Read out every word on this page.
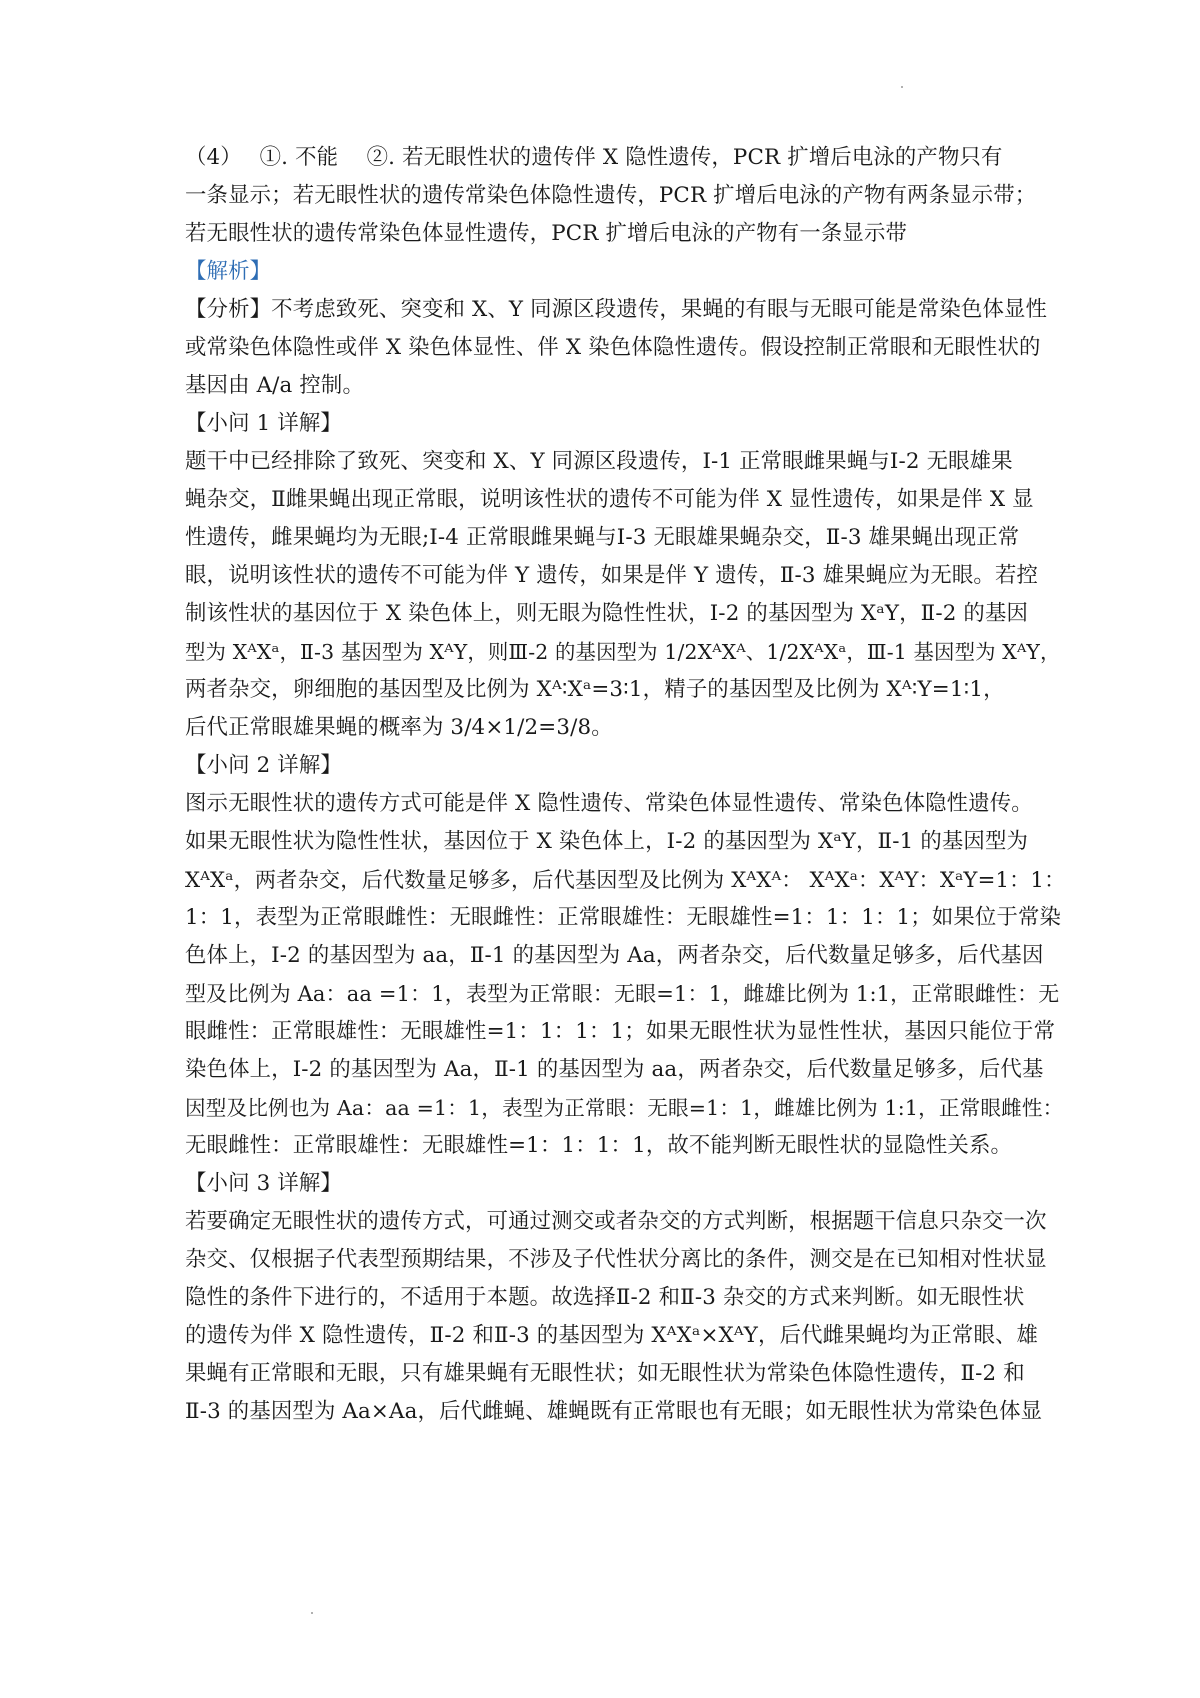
（4）　 ①. 不能　 ②. 若无眼性状的遗传伴 X 隐性遗传，PCR 扩增后电泳的产物只有
一条显示；若无眼性状的遗传常染色体隐性遗传，PCR 扩增后电泳的产物有两条显示带；
若无眼性状的遗传常染色体显性遗传，PCR 扩增后电泳的产物有一条显示带
【解析】
【分析】不考虑致死、突变和 X、Y 同源区段遗传，果蝇的有眼与无眼可能是常染色体显性
或常染色体隐性或伴 X 染色体显性、伴 X 染色体隐性遗传。假设控制正常眼和无眼性状的
基因由 A/a 控制。
【小问 1 详解】
题干中已经排除了致死、突变和 X、Y 同源区段遗传，Ⅰ-1 正常眼雌果蝇与Ⅰ-2 无眼雄果
蝇杂交，Ⅱ雌果蝇出现正常眼，说明该性状的遗传不可能为伴 X 显性遗传，如果是伴 X 显
性遗传，雌果蝇均为无眼;Ⅰ-4 正常眼雌果蝇与Ⅰ-3 无眼雄果蝇杂交，Ⅱ-3 雄果蝇出现正常
眼，说明该性状的遗传不可能为伴 Y 遗传，如果是伴 Y 遗传，Ⅱ-3 雄果蝇应为无眼。若控
制该性状的基因位于 X 染色体上，则无眼为隐性性状，Ⅰ-2 的基因型为 XᵃY，Ⅱ-2 的基因
型为 XᴬXᵃ，Ⅱ-3 基因型为 XᴬY，则Ⅲ-2 的基因型为 1/2XᴬXᴬ、1/2XᴬXᵃ，Ⅲ-1 基因型为 XᴬY，
两者杂交，卵细胞的基因型及比例为 Xᴬ∶Xᵃ=3∶1，精子的基因型及比例为 Xᴬ∶Y=1∶1，
后代正常眼雄果蝇的概率为 3/4×1/2=3/8。
【小问 2 详解】
图示无眼性状的遗传方式可能是伴 X 隐性遗传、常染色体显性遗传、常染色体隐性遗传。
如果无眼性状为隐性性状，基因位于 X 染色体上，Ⅰ-2 的基因型为 XᵃY，Ⅱ-1 的基因型为
XᴬXᵃ，两者杂交，后代数量足够多，后代基因型及比例为 XᴬXᴬ： XᴬXᵃ：XᴬY：XᵃY=1：1：
1：1，表型为正常眼雌性：无眼雌性：正常眼雄性：无眼雄性=1：1：1：1；如果位于常染
色体上，Ⅰ-2 的基因型为 aa，Ⅱ-1 的基因型为 Aa，两者杂交，后代数量足够多，后代基因
型及比例为 Aa：aa =1：1，表型为正常眼：无眼=1：1，雌雄比例为 1:1，正常眼雌性：无
眼雌性：正常眼雄性：无眼雄性=1：1：1：1；如果无眼性状为显性性状，基因只能位于常
染色体上，Ⅰ-2 的基因型为 Aa，Ⅱ-1 的基因型为 aa，两者杂交，后代数量足够多，后代基
因型及比例也为 Aa：aa =1：1，表型为正常眼：无眼=1：1，雌雄比例为 1:1，正常眼雌性：
无眼雌性：正常眼雄性：无眼雄性=1：1：1：1，故不能判断无眼性状的显隐性关系。
【小问 3 详解】
若要确定无眼性状的遗传方式，可通过测交或者杂交的方式判断，根据题干信息只杂交一次
杂交、仅根据子代表型预期结果，不涉及子代性状分离比的条件，测交是在已知相对性状显
隐性的条件下进行的，不适用于本题。故选择Ⅱ-2 和Ⅱ-3 杂交的方式来判断。如无眼性状
的遗传为伴 X 隐性遗传，Ⅱ-2 和Ⅱ-3 的基因型为 XᴬXᵃ×XᴬY，后代雌果蝇均为正常眼、雄
果蝇有正常眼和无眼，只有雄果蝇有无眼性状；如无眼性状为常染色体隐性遗传，Ⅱ-2 和
Ⅱ-3 的基因型为 Aa×Aa，后代雌蝇、雄蝇既有正常眼也有无眼；如无眼性状为常染色体显
